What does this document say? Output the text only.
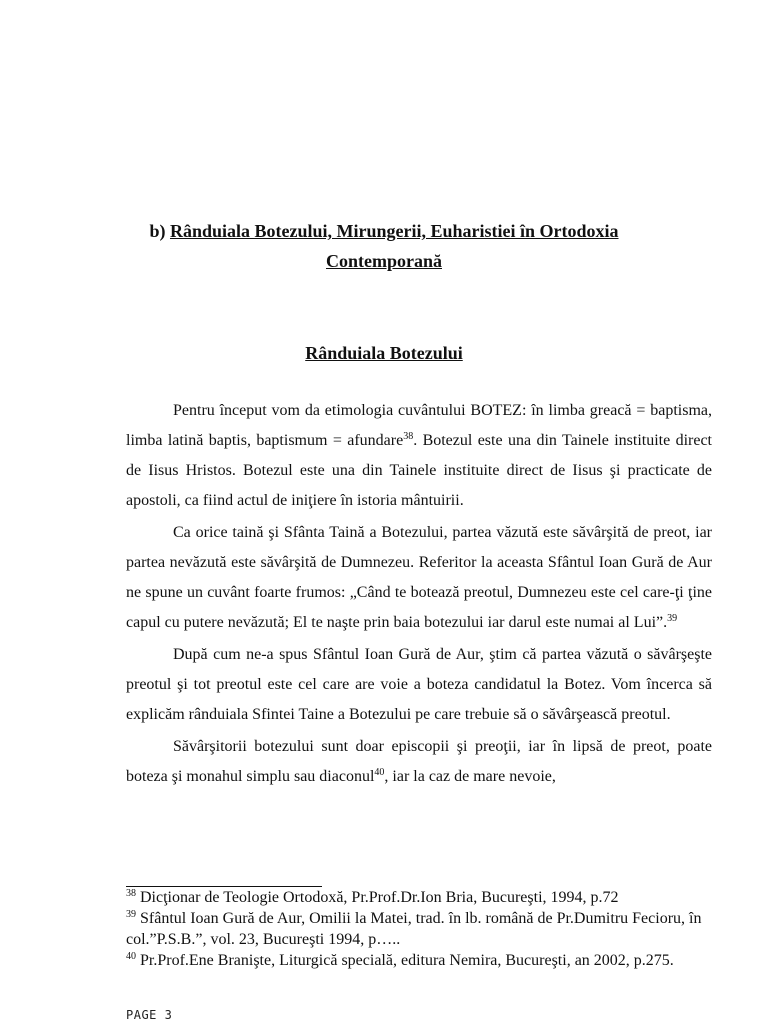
b) Rânduiala Botezului, Mirungerii, Euharistiei în Ortodoxia
Contemporană
Rânduiala Botezului

Pentru început vom da etimologia cuvântului BOTEZ: în limba greacă = baptisma, limba latină baptis, baptismum = afundare$^{38}$. Botezul este una din Tainele instituite direct de Iisus Hristos. Botezul este una din Tainele instituite direct de Iisus şi practicate de apostoli, ca fiind actul de iniţiere în istoria mântuirii.

Ca orice taină şi Sfânta Taină a Botezului, partea văzută este săvârşită de preot, iar partea nevăzută este săvârşită de Dumnezeu. Referitor la aceasta Sfântul Ioan Gură de Aur ne spune un cuvânt foarte frumos: „Când te botează preotul, Dumnezeu este cel care-ţi ţine capul cu putere nevăzută; El te naşte prin baia botezului iar darul este numai al Lui”.$^{39}$

După cum ne-a spus Sfântul Ioan Gură de Aur, ştim că partea văzută o săvârşeşte preotul şi tot preotul este cel care are voie a boteza candidatul la Botez. Vom încerca să explicăm rânduiala Sfintei Taine a Botezului pe care trebuie să o săvârşească preotul.

Săvârşitorii botezului sunt doar episcopii şi preoţii, iar în lipsă de preot, poate boteza şi monahul simplu sau diaconul$^{40}$, iar la caz de mare nevoie,

$^{38}$ Dicţionar de Teologie Ortodoxă, Pr.Prof.Dr.Ion Bria, Bucureşti, 1994, p.72

$^{39}$ Sfântul Ioan Gură de Aur, Omilii la Matei, trad. în lb. română de Pr.Dumitru Fecioru, în col.”P.S.B.”, vol. 23, Bucureşti 1994, p…..

$^{40}$ Pr.Prof.Ene Branişte, Liturgică specială, editura Nemira, Bucureşti, an 2002, p.275.

PAGE 3
